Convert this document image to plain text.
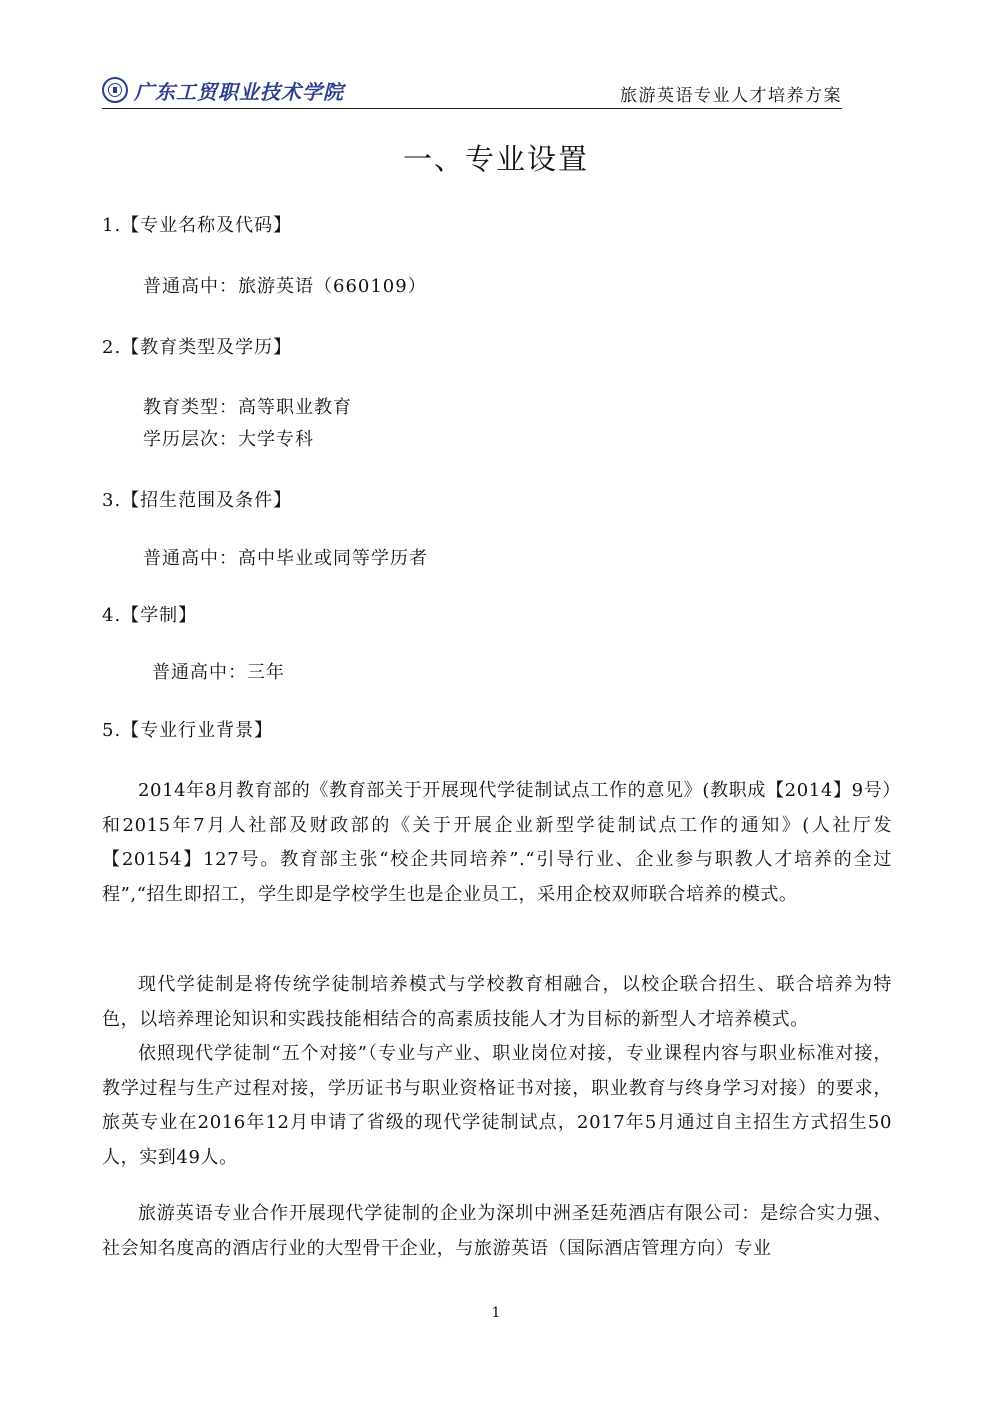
广东工贸职业技术学院	旅游英语专业人才培养方案
一、专业设置
1.【专业名称及代码】
普通高中：旅游英语（660109）
2.【教育类型及学历】
教育类型：高等职业教育
学历层次：大学专科
3.【招生范围及条件】
普通高中：高中毕业或同等学历者
4.【学制】
普通高中：三年
5.【专业行业背景】

2014年8月教育部的《教育部关于开展现代学徒制试点工作的意见》(教职成【2014】9号）和2015年7月人社部及财政部的《关于开展企业新型学徒制试点工作的通知》(人社厅发【20154】127号。教育部主张“校企共同培养”.“引导行业、企业参与职教人才培养的全过程”,“招生即招工，学生即是学校学生也是企业员工，采用企校双师联合培养的模式。

现代学徒制是将传统学徒制培养模式与学校教育相融合，以校企联合招生、联合培养为特色，以培养理论知识和实践技能相结合的高素质技能人才为目标的新型人才培养模式。

依照现代学徒制“五个对接”（专业与产业、职业岗位对接，专业课程内容与职业标准对接，教学过程与生产过程对接，学历证书与职业资格证书对接，职业教育与终身学习对接）的要求，旅英专业在2016年12月申请了省级的现代学徒制试点，2017年5月通过自主招生方式招生50人，实到49人。

旅游英语专业合作开展现代学徒制的企业为深圳中洲圣廷苑酒店有限公司：是综合实力强、社会知名度高的酒店行业的大型骨干企业，与旅游英语（国际酒店管理方向）专业

1
